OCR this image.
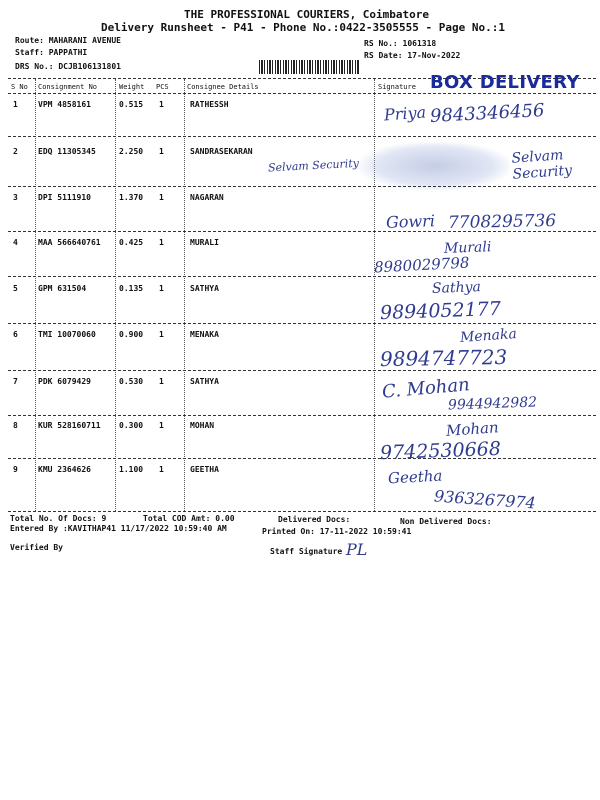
THE PROFESSIONAL COURIERS, Coimbatore
Delivery Runsheet - P41 - Phone No.:0422-3505555 - Page No.:1
Route: MAHARANI AVENUE
Staff: PAPPATHI
DRS No.: DCJB106131801
RS No.: 1061318
RS Date: 17-Nov-2022
S No Consignment No	Weight PCS	Consignee Details	Signature BOX DELIVERY
1	VPM 4858161	0.515 1	RATHESSH	Priya 9843346456
2	EDQ 11305345	2.250 1	SANDRASEKARAN
Selvam Security	Selvam Security
3	DPI 5111910	1.370 1	NAGARAN
Gowri 7708295736
4	MAA 566640761 0.425 1	MURALI	Murali
8980029798
5	GPM 631504	0.135 1	SATHYA	Sathya
9894052177
6	TMI 10070060	0.900 1	MENAKA	Menaka
9894747723
7	PDK 6079429	0.530 1	SATHYA	C. Mohan
9944942982
8	KUR 528160711 0.300 1	MOHAN	Mohan
9742530668
9	KMU 2364626	1.100 1	GEETHA	Geetha
9363267974
Total No. Of Docs: 9	Total COD Amt: 0.00	Delivered Docs:	Non Delivered Docs:
Entered By :KAVITHAP41 11/17/2022 10:59:40 AM	Printed On: 17-11-2022 10:59:41
Verified By	Staff Signature PL
